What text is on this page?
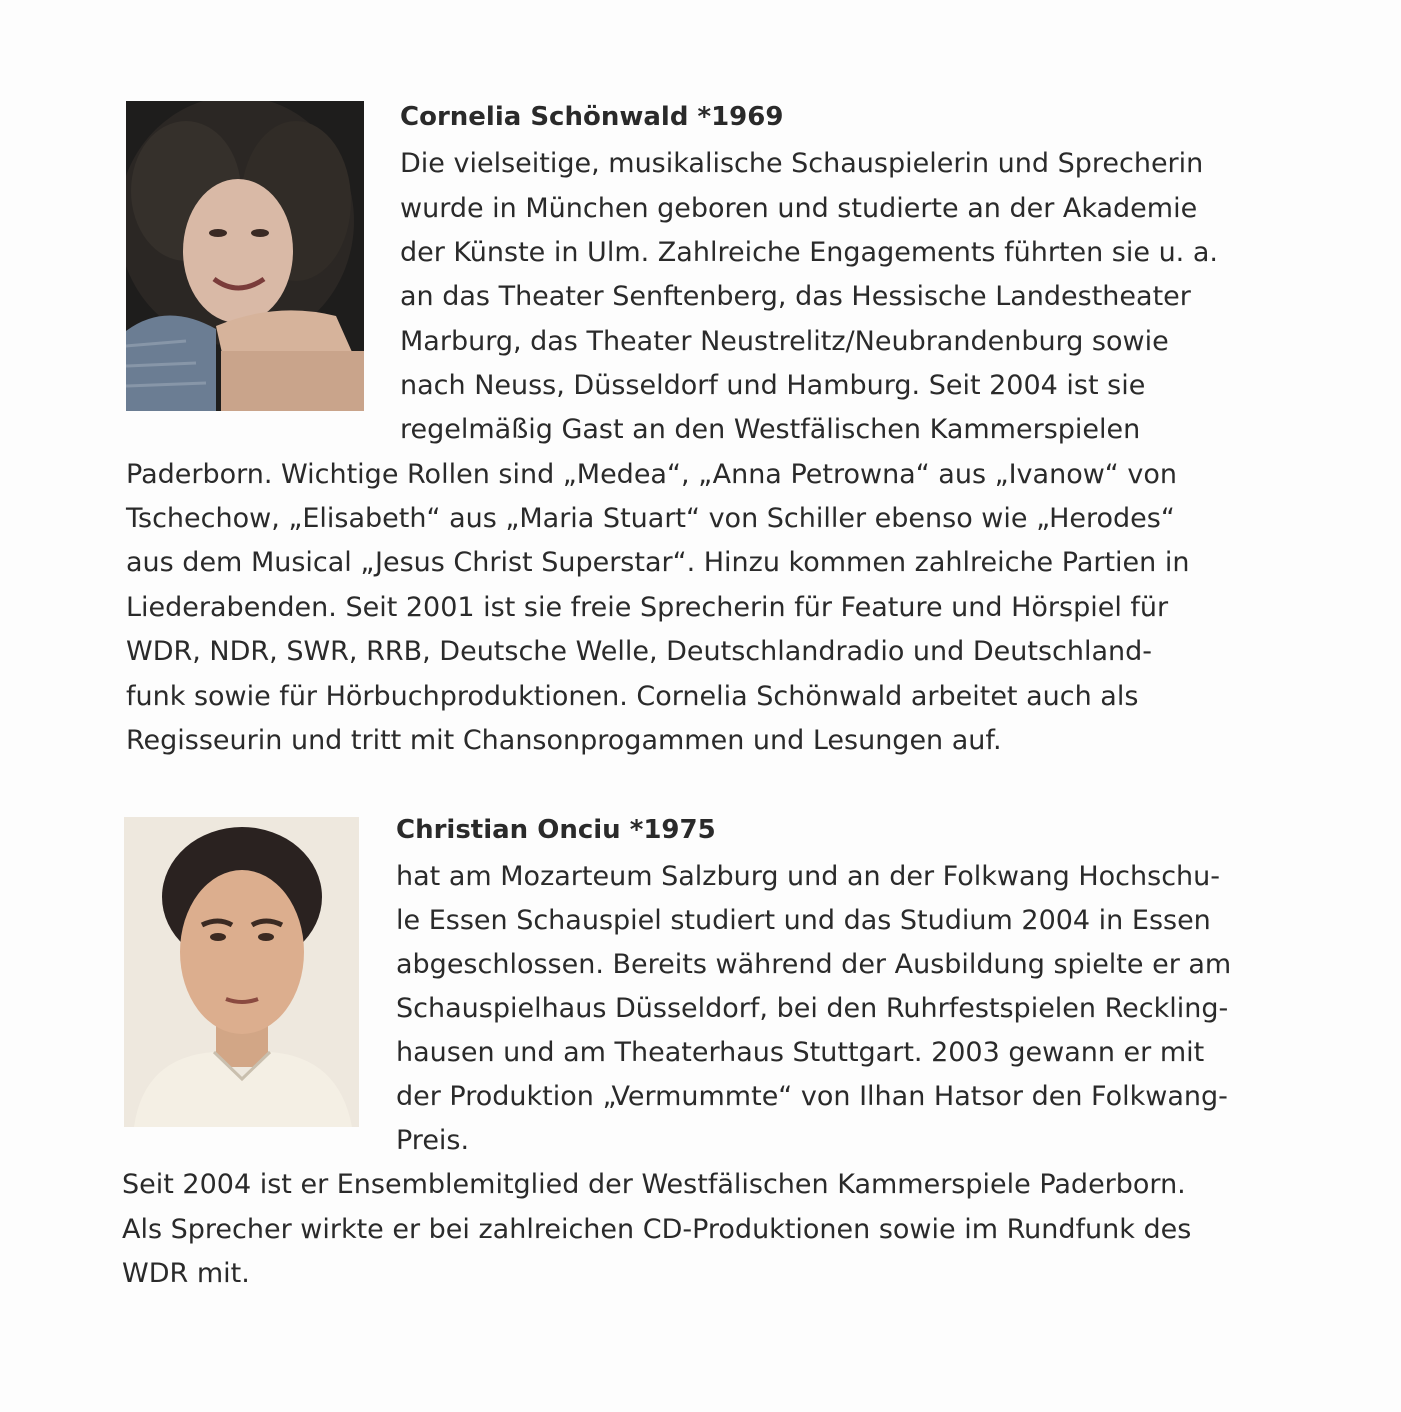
Cornelia Schönwald *1969
Die vielseitige, musikalische Schauspielerin und Sprecherin
wurde in München geboren und studierte an der Akademie
der Künste in Ulm. Zahlreiche Engagements führten sie u. a.
an das Theater Senftenberg, das Hessische Landestheater
Marburg, das Theater Neustrelitz/Neubrandenburg sowie
nach Neuss, Düsseldorf und Hamburg. Seit 2004 ist sie
regelmäßig Gast an den Westfälischen Kammerspielen
Paderborn. Wichtige Rollen sind „Medea“, „Anna Petrowna“ aus „Ivanow“ von
Tschechow, „Elisabeth“ aus „Maria Stuart“ von Schiller ebenso wie „Herodes“
aus dem Musical „Jesus Christ Superstar“. Hinzu kommen zahlreiche Partien in
Liederabenden. Seit 2001 ist sie freie Sprecherin für Feature und Hörspiel für
WDR, NDR, SWR, RRB, Deutsche Welle, Deutschlandradio und Deutschland-
funk sowie für Hörbuchproduktionen. Cornelia Schönwald arbeitet auch als
Regisseurin und tritt mit Chansonprogammen und Lesungen auf.
Christian Onciu *1975
hat am Mozarteum Salzburg und an der Folkwang Hochschu-
le Essen Schauspiel studiert und das Studium 2004 in Essen
abgeschlossen. Bereits während der Ausbildung spielte er am
Schauspielhaus Düsseldorf, bei den Ruhrfestspielen Reckling-
hausen und am Theaterhaus Stuttgart. 2003 gewann er mit
der Produktion „Vermummte“ von Ilhan Hatsor den Folkwang-
Preis.
Seit 2004 ist er Ensemblemitglied der Westfälischen Kammerspiele Paderborn.
Als Sprecher wirkte er bei zahlreichen CD-Produktionen sowie im Rundfunk des
WDR mit.
